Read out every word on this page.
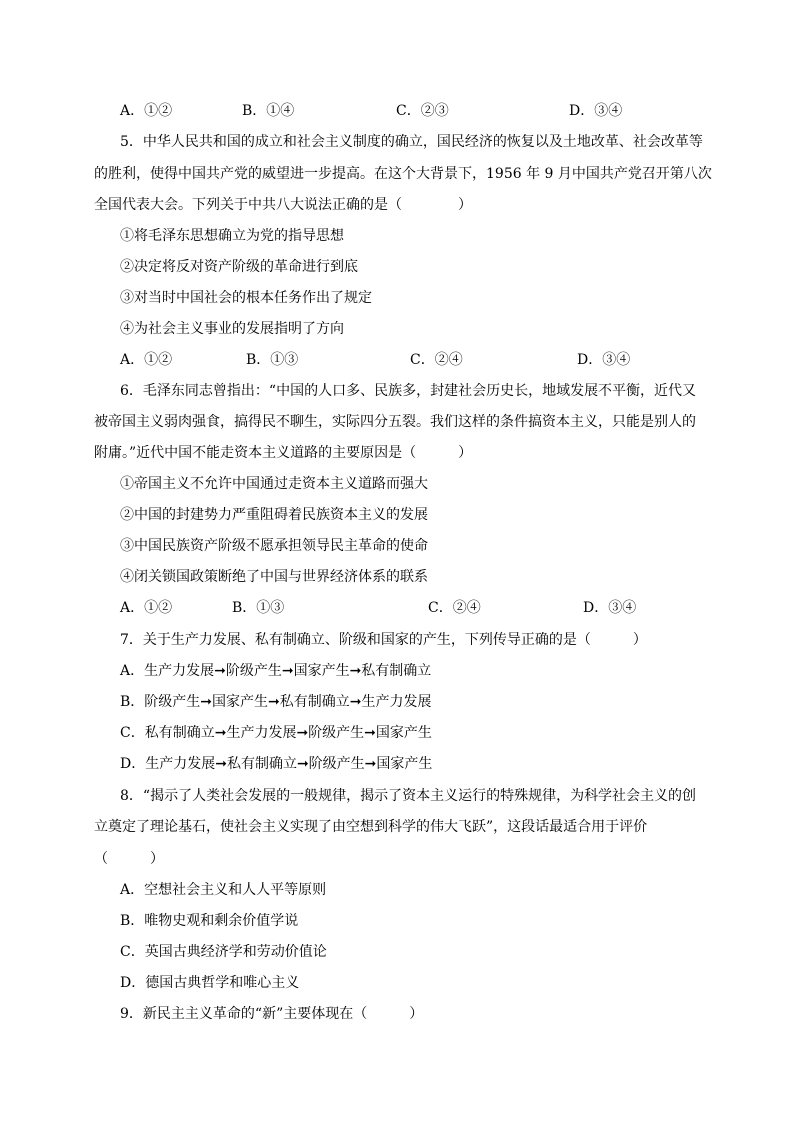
A．①②	B．①④	C．②③	D．③④
5．中华人民共和国的成立和社会主义制度的确立，国民经济的恢复以及土地改革、社会改革等
的胜利，使得中国共产党的威望进一步提高。在这个大背景下，1956 年 9 月中国共产党召开第八次
全国代表大会。下列关于中共八大说法正确的是（　　　　）
①将毛泽东思想确立为党的指导思想
②决定将反对资产阶级的革命进行到底
③对当时中国社会的根本任务作出了规定
④为社会主义事业的发展指明了方向
A．①②	B．①③	C．②④	D．③④
6．毛泽东同志曾指出：“中国的人口多、民族多，封建社会历史长，地域发展不平衡，近代又
被帝国主义弱肉强食，搞得民不聊生，实际四分五裂。我们这样的条件搞资本主义，只能是别人的
附庸。”近代中国不能走资本主义道路的主要原因是（　　　）
①帝国主义不允许中国通过走资本主义道路而强大
②中国的封建势力严重阻碍着民族资本主义的发展
③中国民族资产阶级不愿承担领导民主革命的使命
④闭关锁国政策断绝了中国与世界经济体系的联系
A．①②	B．①③	C．②④	D．③④
7．关于生产力发展、私有制确立、阶级和国家的产生，下列传导正确的是（　　　）
A．生产力发展➞阶级产生➞国家产生➞私有制确立
B．阶级产生➞国家产生➞私有制确立➞生产力发展
C．私有制确立➞生产力发展➞阶级产生➞国家产生
D．生产力发展➞私有制确立➞阶级产生➞国家产生
8．“揭示了人类社会发展的一般规律，揭示了资本主义运行的特殊规律，为科学社会主义的创
立奠定了理论基石，使社会主义实现了由空想到科学的伟大飞跃”，这段话最适合用于评价
（　　　）
A．空想社会主义和人人平等原则
B．唯物史观和剩余价值学说
C．英国古典经济学和劳动价值论
D．德国古典哲学和唯心主义
9．新民主主义革命的“新”主要体现在（　　　）
